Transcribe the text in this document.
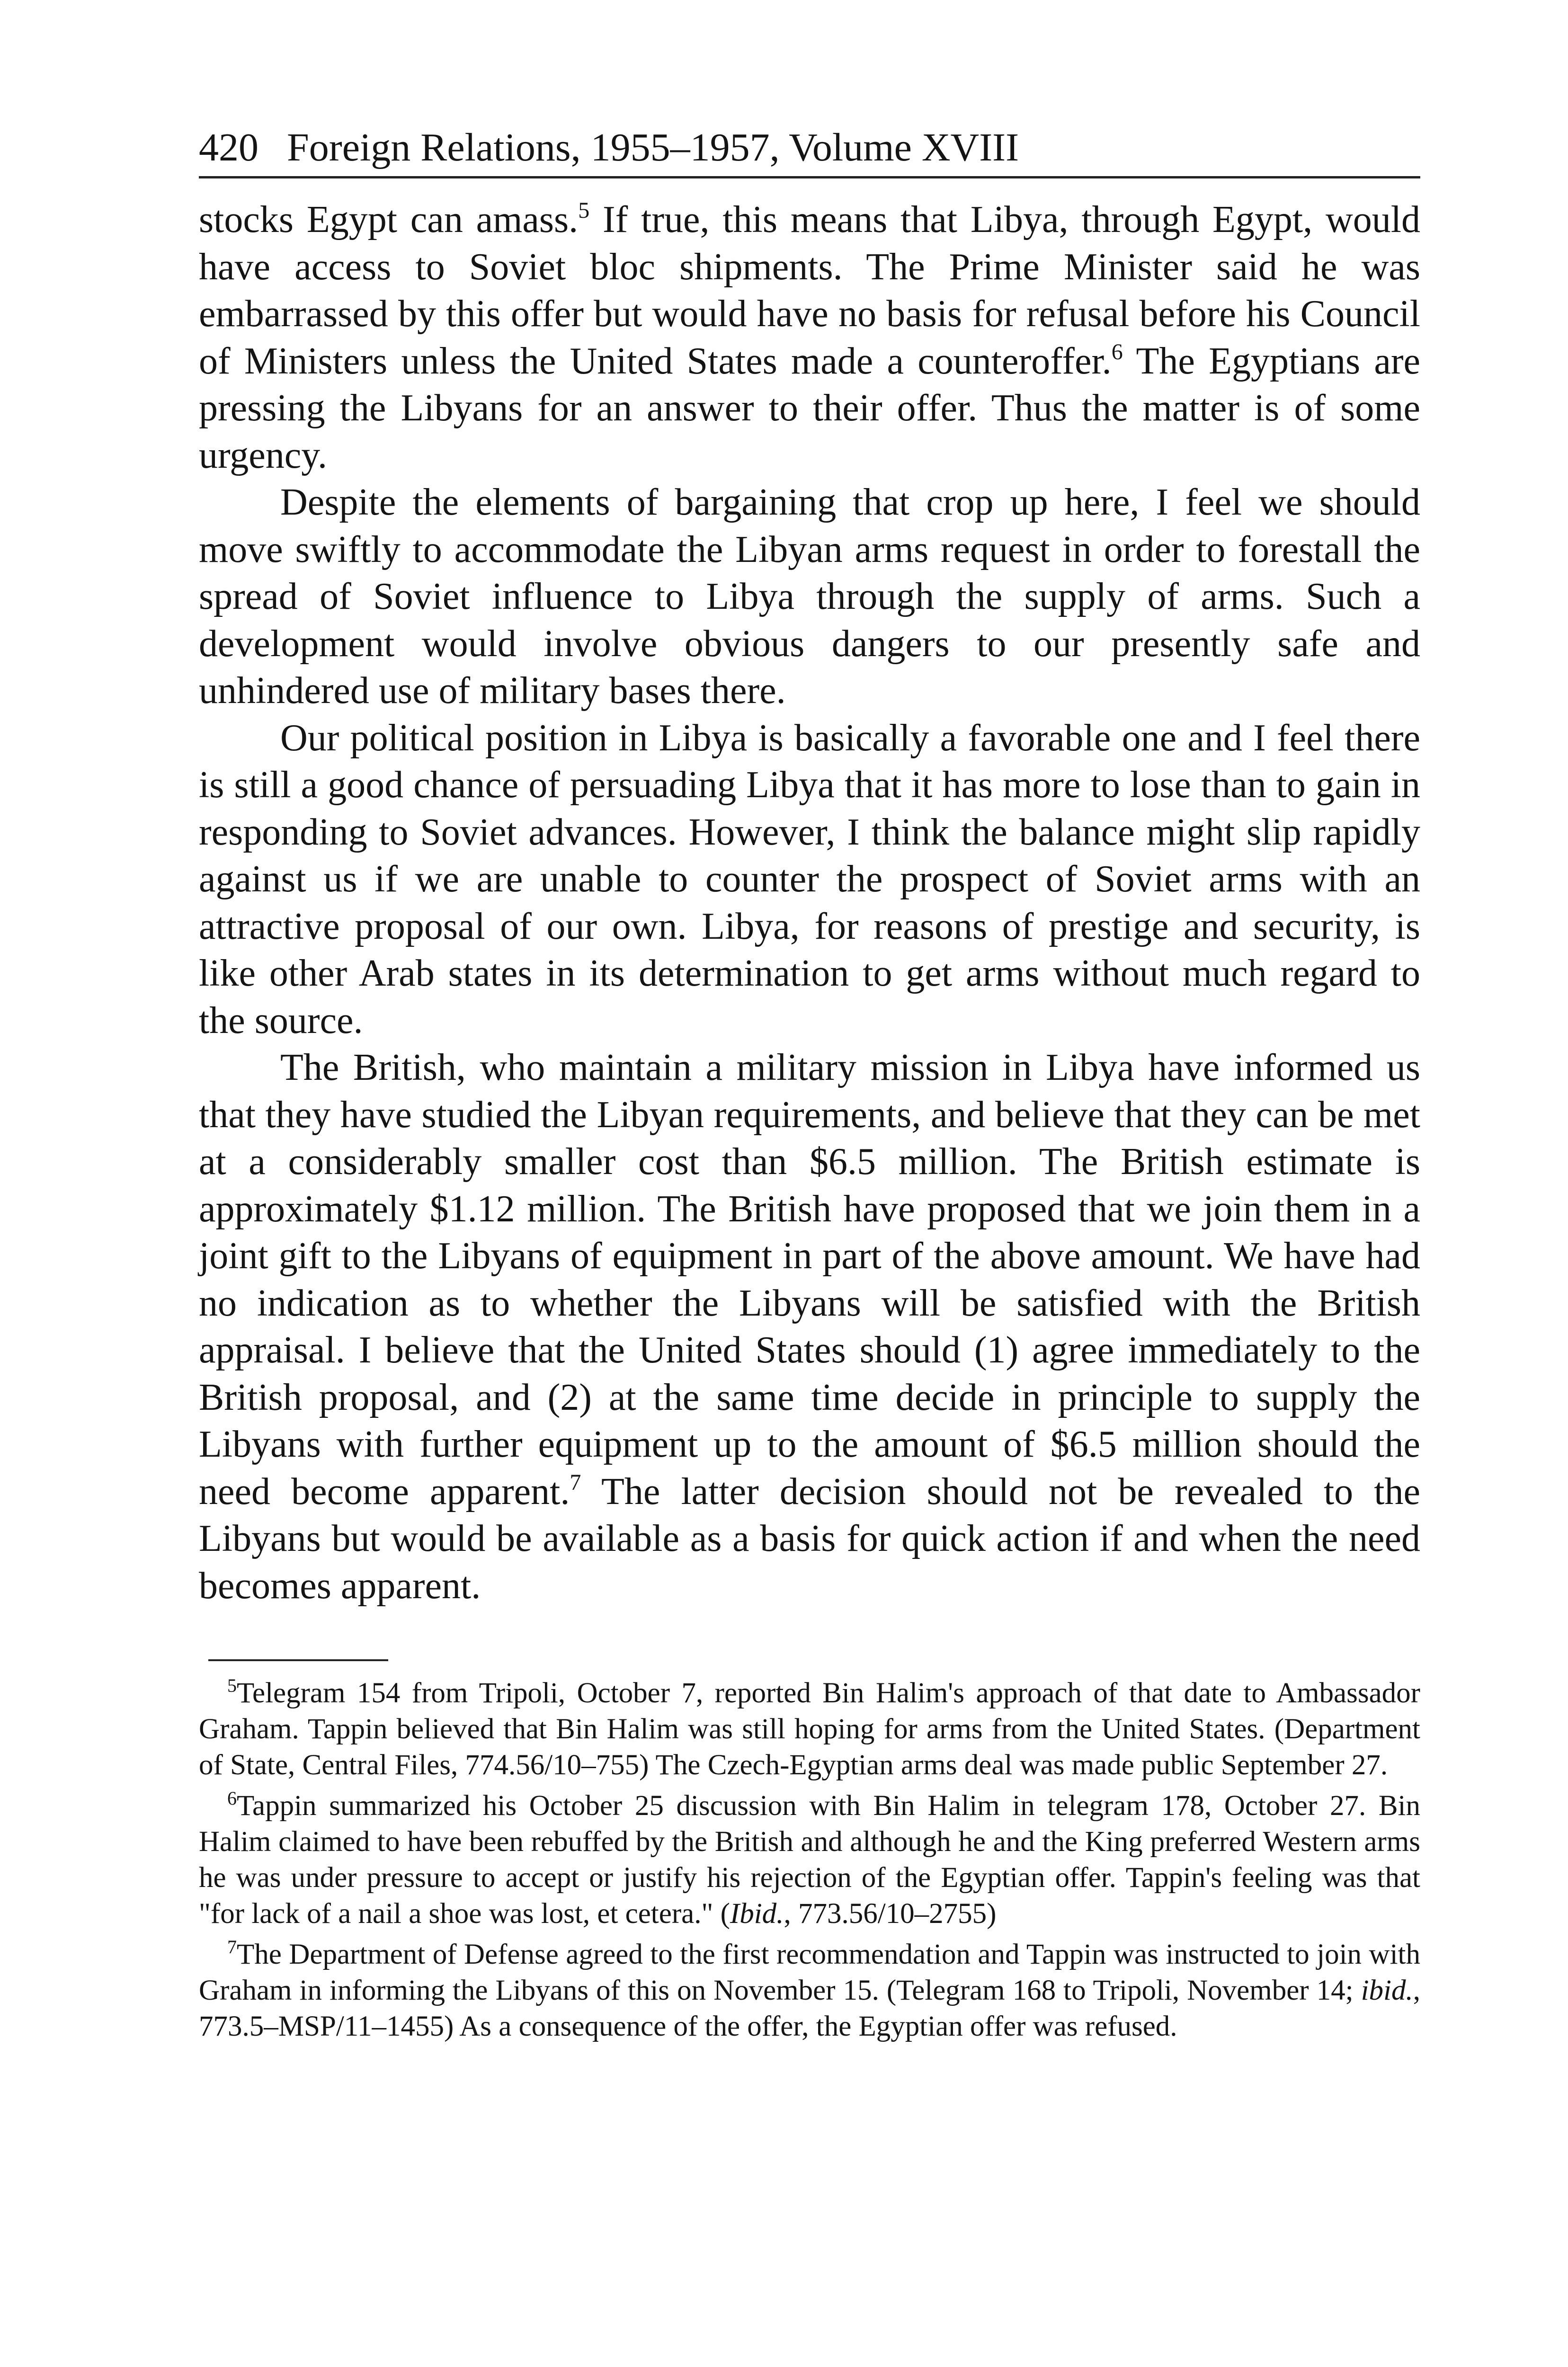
420 Foreign Relations, 1955–1957, Volume XVIII

stocks Egypt can amass.$^5$ If true, this means that Libya, through Egypt, would have access to Soviet bloc shipments. The Prime Minister said he was embarrassed by this offer but would have no basis for refusal before his Council of Ministers unless the United States made a counteroffer.$^6$ The Egyptians are pressing the Libyans for an answer to their offer. Thus the matter is of some urgency.

Despite the elements of bargaining that crop up here, I feel we should move swiftly to accommodate the Libyan arms request in order to forestall the spread of Soviet influence to Libya through the supply of arms. Such a development would involve obvious dangers to our presently safe and unhindered use of military bases there.

Our political position in Libya is basically a favorable one and I feel there is still a good chance of persuading Libya that it has more to lose than to gain in responding to Soviet advances. However, I think the balance might slip rapidly against us if we are unable to counter the prospect of Soviet arms with an attractive proposal of our own. Libya, for reasons of prestige and security, is like other Arab states in its determination to get arms without much regard to the source.

The British, who maintain a military mission in Libya have informed us that they have studied the Libyan requirements, and believe that they can be met at a considerably smaller cost than $6.5 million. The British estimate is approximately $1.12 million. The British have proposed that we join them in a joint gift to the Libyans of equipment in part of the above amount. We have had no indication as to whether the Libyans will be satisfied with the British appraisal. I believe that the United States should (1) agree immediately to the British proposal, and (2) at the same time decide in principle to supply the Libyans with further equipment up to the amount of $6.5 million should the need become apparent.$^7$ The latter decision should not be revealed to the Libyans but would be available as a basis for quick action if and when the need becomes apparent.

$^5$Telegram 154 from Tripoli, October 7, reported Bin Halim's approach of that date to Ambassador Graham. Tappin believed that Bin Halim was still hoping for arms from the United States. (Department of State, Central Files, 774.56/10–755) The Czech-Egyptian arms deal was made public September 27.

$^6$Tappin summarized his October 25 discussion with Bin Halim in telegram 178, October 27. Bin Halim claimed to have been rebuffed by the British and although he and the King preferred Western arms he was under pressure to accept or justify his rejection of the Egyptian offer. Tappin's feeling was that "for lack of a nail a shoe was lost, et cetera." (Ibid., 773.56/10–2755)

$^7$The Department of Defense agreed to the first recommendation and Tappin was instructed to join with Graham in informing the Libyans of this on November 15. (Telegram 168 to Tripoli, November 14; ibid., 773.5–MSP/11–1455) As a consequence of the offer, the Egyptian offer was refused.
